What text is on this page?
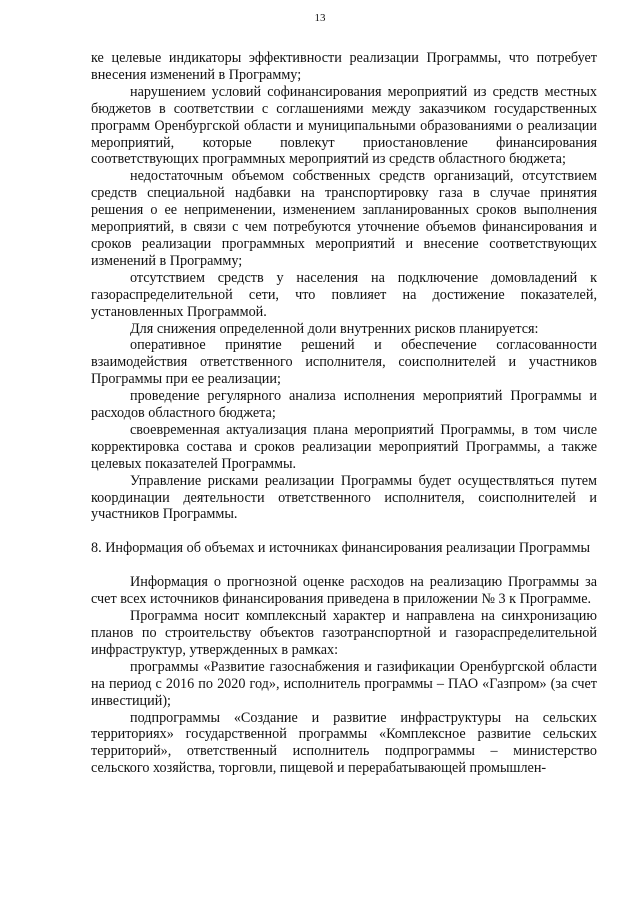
13

ке целевые индикаторы эффективности реализации Программы, что потребует внесения изменений в Программу;

нарушением условий софинансирования мероприятий из средств местных бюджетов в соответствии с соглашениями между заказчиком государственных программ Оренбургской области и муниципальными образованиями о реализации мероприятий, которые повлекут приостановление финансирования соответствующих программных мероприятий из средств областного бюджета;

недостаточным объемом собственных средств организаций, отсутствием средств специальной надбавки на транспортировку газа в случае принятия решения о ее неприменении, изменением запланированных сроков выполнения мероприятий, в связи с чем потребуются уточнение объемов финансирования и сроков реализации программных мероприятий и внесение соответствующих изменений в Программу;

отсутствием средств у населения на подключение домовладений к газораспределительной сети, что повлияет на достижение показателей, установленных Программой.

Для снижения определенной доли внутренних рисков планируется:

оперативное принятие решений и обеспечение согласованности взаимодействия ответственного исполнителя, соисполнителей и участников Программы при ее реализации;

проведение регулярного анализа исполнения мероприятий Программы и расходов областного бюджета;

своевременная актуализация плана мероприятий Программы, в том числе корректировка состава и сроков реализации мероприятий Программы, а также целевых показателей Программы.

Управление рисками реализации Программы будет осуществляться путем координации деятельности ответственного исполнителя, соисполнителей и участников Программы.

8. Информация об объемах и источниках финансирования реализации Программы

Информация о прогнозной оценке расходов на реализацию Программы за счет всех источников финансирования приведена в приложении № 3 к Программе.

Программа носит комплексный характер и направлена на синхронизацию планов по строительству объектов газотранспортной и газораспределительной инфраструктур, утвержденных в рамках:

программы «Развитие газоснабжения и газификации Оренбургской области на период с 2016 по 2020 год», исполнитель программы – ПАО «Газпром» (за счет инвестиций);

подпрограммы «Создание и развитие инфраструктуры на сельских территориях» государственной программы «Комплексное развитие сельских территорий», ответственный исполнитель подпрограммы – министерство сельского хозяйства, торговли, пищевой и перерабатывающей промышлен-
